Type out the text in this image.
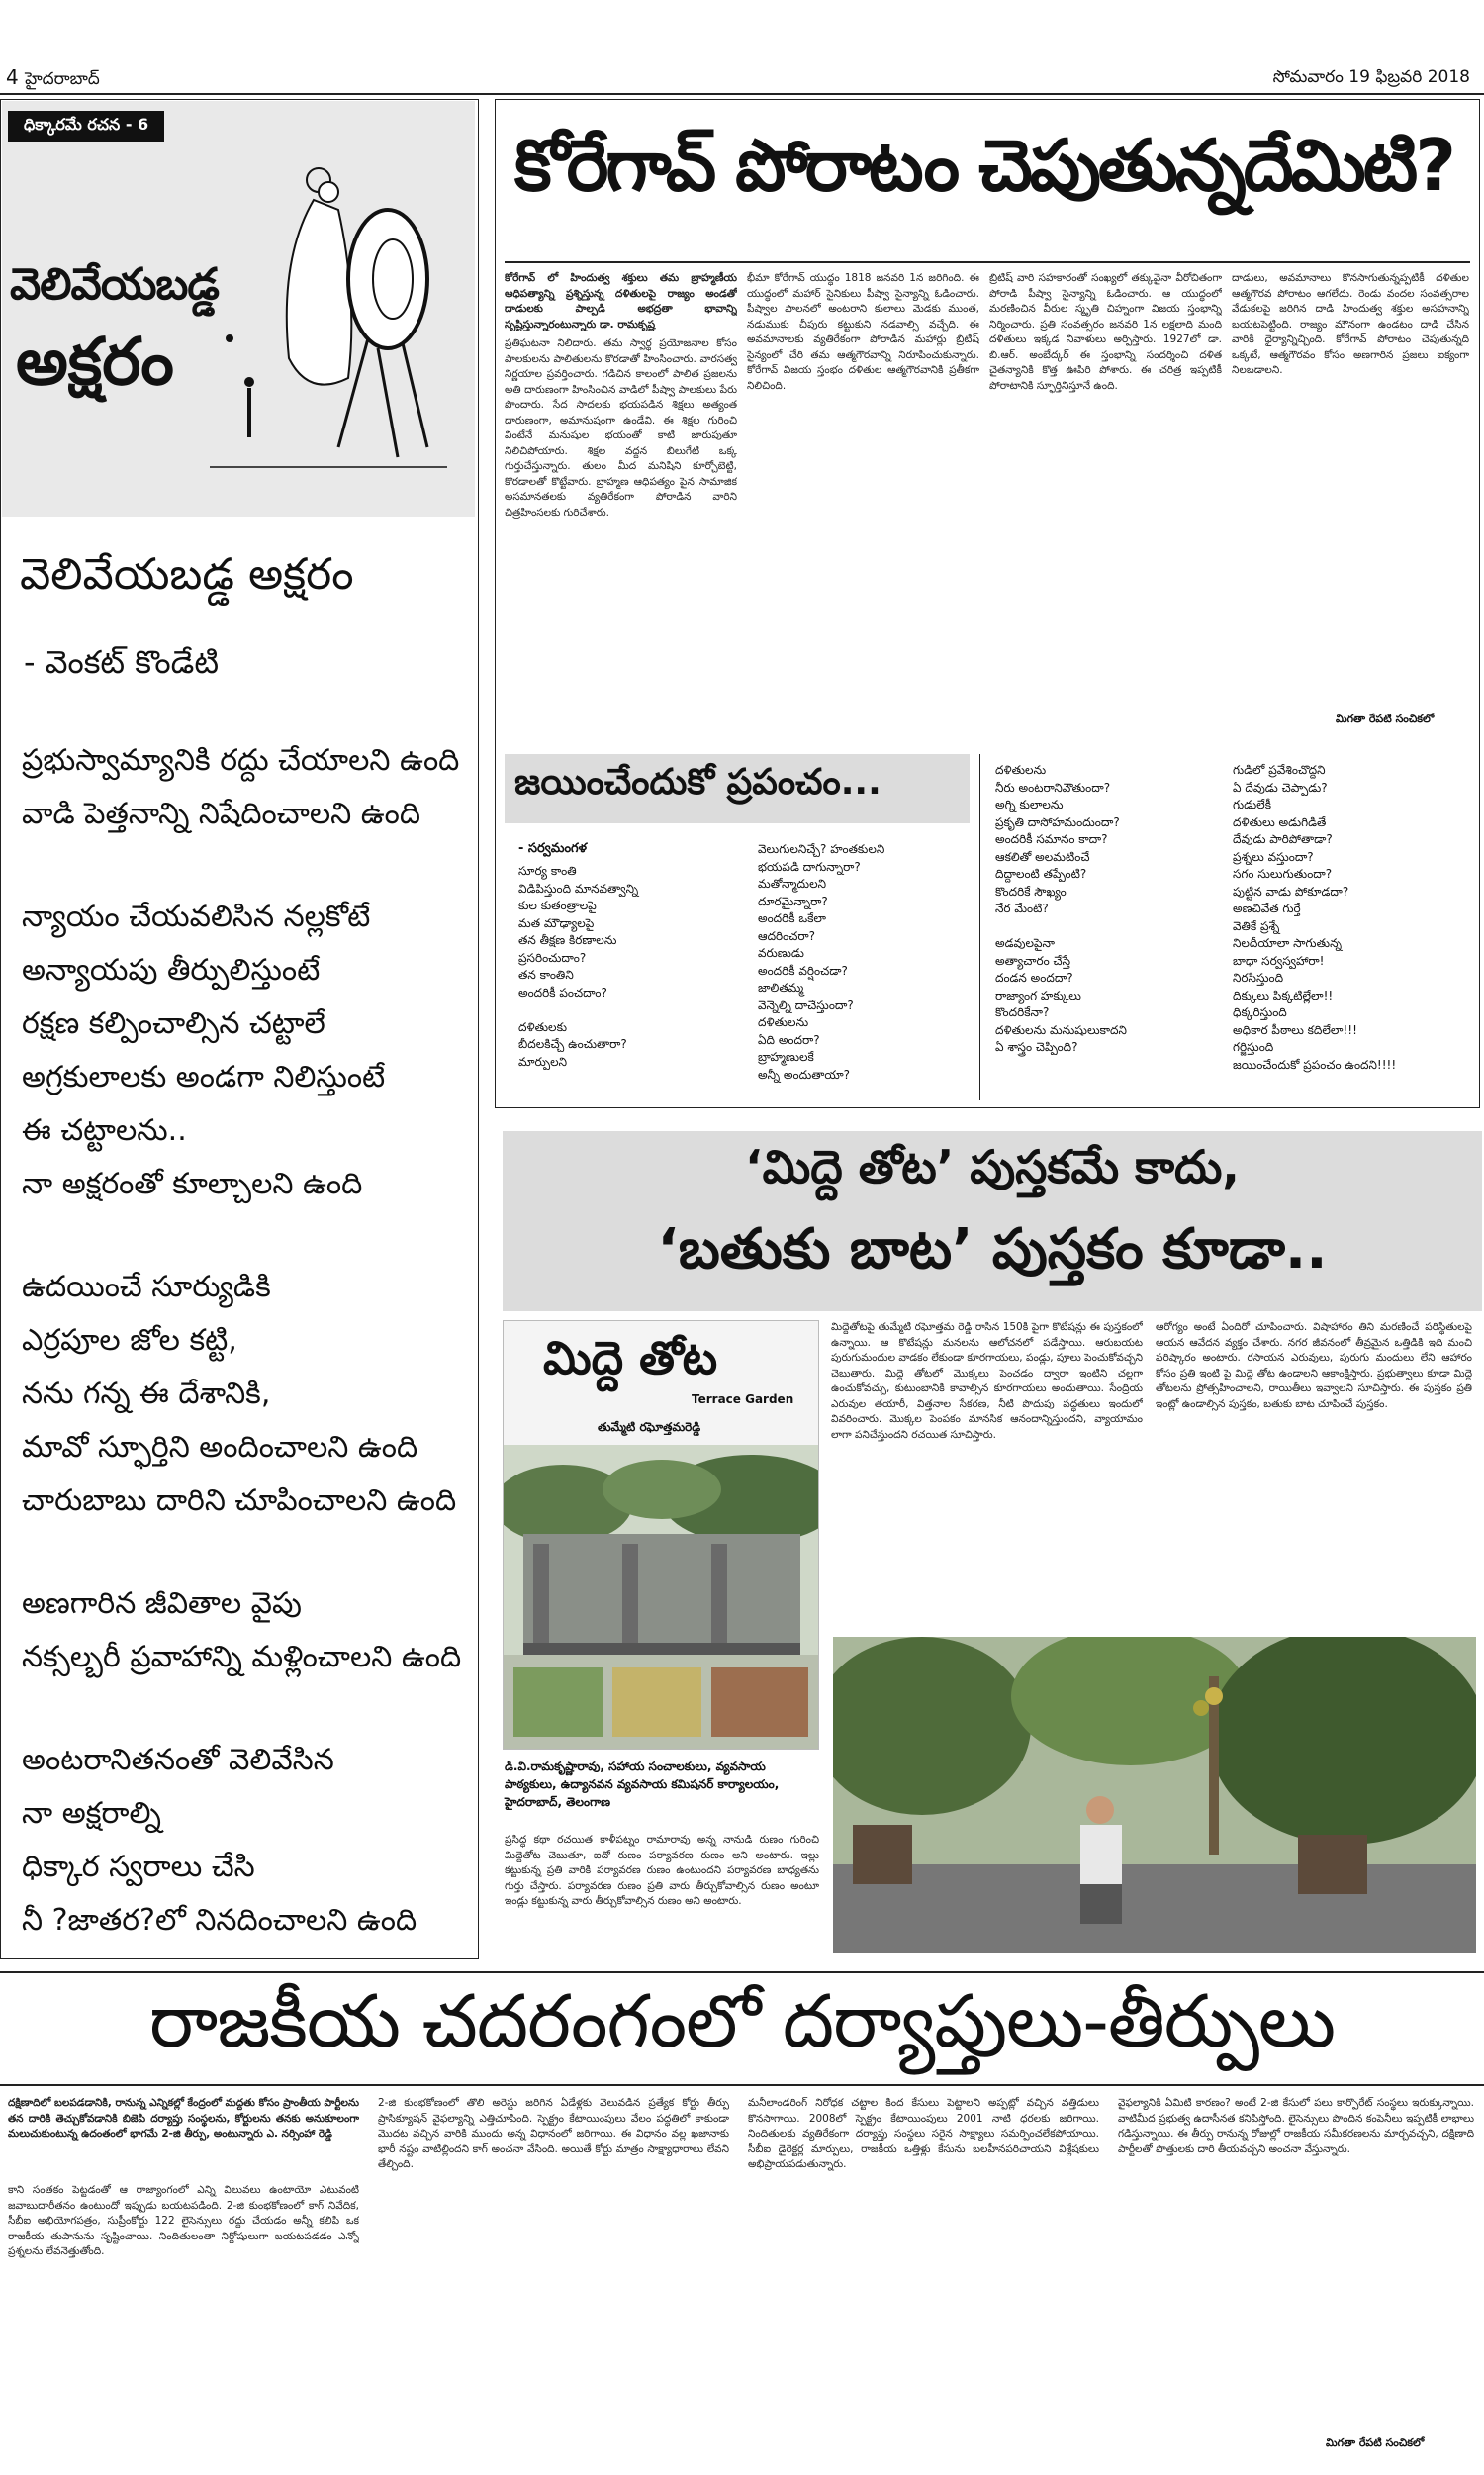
4 హైదరాబాద్	సోమవారం 19 ఫిబ్రవరి 2018
ధిక్కారమే రచన - 6
వెలివేయబడ్డ
అక్షరం
వెలివేయబడ్డ అక్షరం
- వెంకట్ కొండేటి

ప్రభుస్వామ్యానికి రద్దు చేయాలని ఉంది

వాడి పెత్తనాన్ని నిషేదించాలని ఉంది

న్యాయం చేయవలిసిన నల్లకోటే

అన్యాయపు తీర్పులిస్తుంటే

రక్షణ కల్పించాల్సిన చట్టాలే

అగ్రకులాలకు అండగా నిలిస్తుంటే

ఈ చట్టాలను..

నా అక్షరంతో కూల్చాలని ఉంది

ఉదయించే సూర్యుడికి

ఎర్రపూల జోల కట్టి,

నను గన్న ఈ దేశానికి,

మావో స్ఫూర్తిని అందించాలని ఉంది

చారుబాబు దారిని చూపించాలని ఉంది

అణగారిన జీవితాల వైపు

నక్సల్బరీ ప్రవాహాన్ని మళ్లించాలని ఉంది

అంటరానితనంతో వెలివేసిన

నా అక్షరాల్ని

ధిక్కార స్వరాలు చేసి

నీ ?జాతర?లో నినదించాలని ఉంది

కోరేగావ్ పోరాటం చెపుతున్నదేమిటి?
కోరేగావ్ లో హిందుత్వ శక్తులు తమ బ్రాహ్మణీయ ఆధిపత్యాన్ని ప్రశ్నిస్తున్న దళితులపై రాజ్యం అండతో దాడులకు పాల్పడి అభద్రతా భావాన్ని సృష్టిస్తున్నారంటున్నారు డా. రామకృష్ణ
ప్రతిఘటనా నిలిదారు. తమ స్వార్థ ప్రయోజనాల కోసం పాలకులను పాలితులను కొరడాతో హింసించారు. వారసత్వ నిర్ణయాల ప్రవర్తించారు. గడిచిన కాలంలో పాలిత ప్రజలను అతి దారుణంగా హింసించిన వాడిలో పీష్వా పాలకులు పేరు పొందారు. సేద సాదలకు భయపడిన శిక్షలు అత్యంత దారుణంగా, అమానుషంగా ఉండేవి. ఈ శిక్షల గురించి వింటేనే మనుషుల భయంతో కాటి జారుపుతూ నిలిచిపోయారు. శిక్షల వద్దన బిలుగేటి ఒక్క గుర్తుచేస్తున్నారు. తులం మీద మనిషిని కూర్చోబెట్టి, కొరడాలతో కొట్టేవారు. బ్రాహ్మణ ఆధిపత్యం పైన సామాజిక అసమానతలకు వ్యతిరేకంగా పోరాడిన వారిని చిత్రహింసలకు గురిచేశారు.
భీమా కోరేగావ్ యుద్ధం 1818 జనవరి 1న జరిగింది. ఈ యుద్ధంలో మహార్ సైనికులు పీష్వా సైన్యాన్ని ఓడించారు. పీష్వాల పాలనలో అంటరాని కులాలు మెడకు ముంత, నడుముకు చీపురు కట్టుకుని నడవాల్సి వచ్చేది. ఈ అవమానాలకు వ్యతిరేకంగా పోరాడిన మహార్లు బ్రిటిష్ సైన్యంలో చేరి తమ ఆత్మగౌరవాన్ని నిరూపించుకున్నారు. కోరేగావ్ విజయ స్తంభం దళితుల ఆత్మగౌరవానికి ప్రతీకగా నిలిచింది.
బ్రిటిష్ వారి సహకారంతో సంఖ్యలో తక్కువైనా వీరోచితంగా పోరాడి పీష్వా సైన్యాన్ని ఓడించారు. ఆ యుద్ధంలో మరణించిన వీరుల స్మృతి చిహ్నంగా విజయ స్తంభాన్ని నిర్మించారు. ప్రతి సంవత్సరం జనవరి 1న లక్షలాది మంది దళితులు ఇక్కడ నివాళులు అర్పిస్తారు. 1927లో డా. బి.ఆర్. అంబేద్కర్ ఈ స్తంభాన్ని సందర్శించి దళిత చైతన్యానికి కొత్త ఊపిరి పోశారు. ఈ చరిత్ర ఇప్పటికీ పోరాటానికి స్ఫూర్తినిస్తూనే ఉంది.
దాడులు, అవమానాలు కొనసాగుతున్నప్పటికీ దళితుల ఆత్మగౌరవ పోరాటం ఆగలేదు. రెండు వందల సంవత్సరాల వేడుకలపై జరిగిన దాడి హిందుత్వ శక్తుల అసహనాన్ని బయటపెట్టింది. రాజ్యం మౌనంగా ఉండటం దాడి చేసిన వారికి ధైర్యాన్నిచ్చింది. కోరేగావ్ పోరాటం చెపుతున్నది ఒక్కటే, ఆత్మగౌరవం కోసం అణగారిన ప్రజలు ఐక్యంగా నిలబడాలని.
మిగతా రేపటి సంచికలో
జయించేందుకో ప్రపంచం...
- సర్వమంగళ

సూర్య కాంతి

విడిపిస్తుంది మానవత్వాన్ని

కుల కుతంత్రాలపై

మత మౌఢ్యాలపై

తన తీక్షణ కిరణాలను

ప్రసరించుదాం?

తన కాంతిని

అందరికీ పంచదాం?

దళితులకు

బీదలకిచ్చే ఉంచుతారా?

మార్పులని

వెలుగులనిచ్చే? హంతకులని

భయపడి దాగున్నారా?

మతోన్మాదులని

దూరమైన్నారా?

అందరికీ ఒకేలా

ఆదరించరా?

వరుణుడు

అందరికీ వర్షించడా?

జాలితమ్మ

వెన్నెల్ని దాచేస్తుందా?

దళితులను

ఏది అందరా?

బ్రాహ్మణులకే

అన్నీ అందుతాయా?

దళితులను

నీరు అంటరానివౌతుందా?

అగ్ని కులాలను

ప్రకృతి దాసోహమందుందా?

అందరికీ సమానం కాదా?

ఆకలితో అలమటించే

దిద్దాలంటి తప్పేంటి?

కొందరికే సౌఖ్యం

నేర మేంటి?

అడవులపైనా

అత్యాచారం చేస్తే

దండన అందదా?

రాజ్యాంగ హక్కులు

కొందరికేనా?

దళితులను మనుషులుకాదని

ఏ శాస్త్రం చెప్పింది?

గుడిలో ప్రవేశించొద్దని

ఏ దేవుడు చెప్పాడు?

గుడులేకీ

దళితులు అడుగిడితే

దేవుడు పారిపోతాడా?

ప్రశ్నలు వస్తుందా?

సగం సులుగుతుందా?

పుట్టిన వాడు పోకూడదా?

అణచివేత గుర్తే

వెతికే ప్రశ్నే

నిలదీయాలా సాగుతున్న

బాధా సర్వస్వహారా!

నిరసిస్తుంది

దిక్కులు పిక్కటిల్లేలా!!

ధిక్కరిస్తుంది

అధికార పీఠాలు కదిలేలా!!!

గర్జిస్తుంది

జయించేందుకో ప్రపంచం ఉందని!!!!

‘మిద్దె తోట’ పుస్తకమే కాదు,
‘బతుకు బాట’ పుస్తకం కూడా..
మిద్దె తోట
Terrace Garden
తుమ్మేటి రఘోత్తమరెడ్డి
డి.వి.రామకృష్ణారావు, సహాయ సంచాలకులు, వ్యవసాయ పాఠ్యకులు, ఉద్యానవన వ్యవసాయ కమిషనర్ కార్యాలయం, హైదరాబాద్, తెలంగాణ
ప్రసిద్ధ కథా రచయిత కాళీపట్నం రామారావు అన్న నానుడి రుణం గురించి మిద్దెతోట చెబుతూ, ఐదో రుణం పర్యావరణ రుణం అని అంటారు. ఇల్లు కట్టుకున్న ప్రతి వారికి పర్యావరణ రుణం ఉంటుందని పర్యావరణ బాధ్యతను గుర్తు చేస్తారు. పర్యావరణ రుణం ప్రతి వారు తీర్చుకోవాల్సిన రుణం అంటూ ఇండ్లు కట్టుకున్న వారు తీర్చుకోవాల్సిన రుణం అని అంటారు.
మిద్దెతోటపై తుమ్మేటి రఘోత్తమ రెడ్డి రాసిన 150కి పైగా కొటేషన్లు ఈ పుస్తకంలో ఉన్నాయి. ఆ కొటేషన్లు మనలను ఆలోచనలో పడేస్తాయి. ఆరుబయట పురుగుమందుల వాడకం లేకుండా కూరగాయలు, పండ్లు, పూలు పెంచుకోవచ్చని చెబుతారు. మిద్దె తోటలో మొక్కలు పెంచడం ద్వారా ఇంటిని చల్లగా ఉంచుకోవచ్చు, కుటుంబానికి కావాల్సిన కూరగాయలు అందుతాయి. సేంద్రియ ఎరువుల తయారీ, విత్తనాల సేకరణ, నీటి పొదుపు పద్ధతులు ఇందులో వివరించారు. మొక్కల పెంపకం మానసిక ఆనందాన్నిస్తుందని, వ్యాయామం లాగా పనిచేస్తుందని రచయిత సూచిస్తారు.
ఆరోగ్యం అంటే ఏందిరో చూపించారు. విషాహారం తిని మరణించే పరిస్థితులపై ఆయన ఆవేదన వ్యక్తం చేశారు. నగర జీవనంలో తీవ్రమైన ఒత్తిడికి ఇది మంచి పరిష్కారం అంటారు. రసాయన ఎరువులు, పురుగు మందులు లేని ఆహారం కోసం ప్రతి ఇంటి పై మిద్దె తోట ఉండాలని ఆకాంక్షిస్తారు. ప్రభుత్వాలు కూడా మిద్దె తోటలను ప్రోత్సహించాలని, రాయితీలు ఇవ్వాలని సూచిస్తారు. ఈ పుస్తకం ప్రతి ఇంట్లో ఉండాల్సిన పుస్తకం, బతుకు బాట చూపించే పుస్తకం.
రాజకీయ చదరంగంలో దర్యాప్తులు-తీర్పులు
దక్షిణాదిలో బలపడడానికి, రానున్న ఎన్నికల్లో కేంద్రంలో మద్దతు కోసం ప్రాంతీయ పార్టీలను తన దారికి తెచ్చుకోవడానికి బిజెపి దర్యాప్తు సంస్థలను, కోర్టులను తనకు అనుకూలంగా మలుచుకుంటున్న ఉదంతంలో భాగమే 2-జి తీర్పు, అంటున్నారు ఎ. నర్సింహా రెడ్డి
కాని సంతకం పెట్టడంతో ఆ రాజ్యాంగంలో ఎన్ని విలువలు ఉంటాయో ఎటువంటి జవాబుదారీతనం ఉంటుందో ఇప్పుడు బయటపడింది. 2-జి కుంభకోణంలో కాగ్ నివేదిక, సీబీఐ అభియోగపత్రం, సుప్రీంకోర్టు 122 లైసెన్సులు రద్దు చేయడం అన్నీ కలిపి ఒక రాజకీయ తుపానును సృష్టించాయి. నిందితులంతా నిర్దోషులుగా బయటపడడం ఎన్నో ప్రశ్నలను లేవనెత్తుతోంది.
2-జి కుంభకోణంలో తొలి అరెస్టు జరిగిన ఏడేళ్లకు వెలువడిన ప్రత్యేక కోర్టు తీర్పు ప్రాసిక్యూషన్ వైఫల్యాన్ని ఎత్తిచూపింది. స్పెక్ట్రం కేటాయింపులు వేలం పద్ధతిలో కాకుండా మొదట వచ్చిన వారికి ముందు అన్న విధానంలో జరిగాయి. ఈ విధానం వల్ల ఖజానాకు భారీ నష్టం వాటిల్లిందని కాగ్ అంచనా వేసింది. అయితే కోర్టు మాత్రం సాక్ష్యాధారాలు లేవని తేల్చింది.
మనీలాండరింగ్ నిరోధక చట్టాల కింద కేసులు పెట్టాలని అప్పట్లో వచ్చిన వత్తిడులు కొనసాగాయి. 2008లో స్పెక్ట్రం కేటాయింపులు 2001 నాటి ధరలకు జరిగాయి. నిందితులకు వ్యతిరేకంగా దర్యాప్తు సంస్థలు సరైన సాక్ష్యాలు సమర్పించలేకపోయాయి. సీబీఐ డైరెక్టర్ల మార్పులు, రాజకీయ ఒత్తిళ్లు కేసును బలహీనపరిచాయని విశ్లేషకులు అభిప్రాయపడుతున్నారు.
వైఫల్యానికి ఏమిటి కారణం? అంటే 2-జి కేసులో పలు కార్పొరేట్ సంస్థలు ఇరుక్కున్నాయి. వాటిమీద ప్రభుత్వ ఉదాసీనత కనిపిస్తోంది. లైసెన్సులు పొందిన కంపెనీలు ఇప్పటికీ లాభాలు గడిస్తున్నాయి. ఈ తీర్పు రానున్న రోజుల్లో రాజకీయ సమీకరణలను మార్చవచ్చని, దక్షిణాది పార్టీలతో పొత్తులకు దారి తీయవచ్చని అంచనా వేస్తున్నారు.
మిగతా రేపటి సంచికలో
